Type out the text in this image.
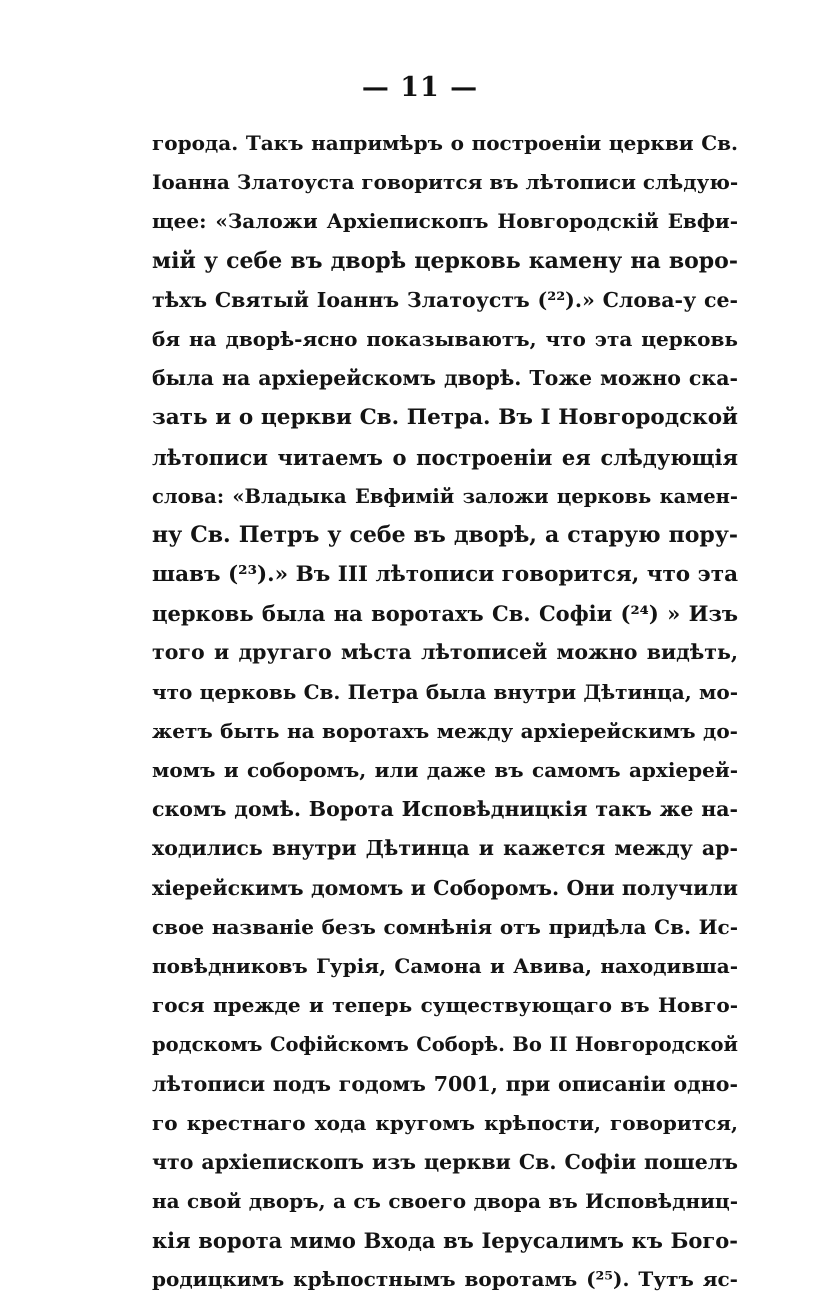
— 11 —
города. Такъ напримѣръ о построеніи церкви Св.
Іоанна Златоуста говорится въ лѣтописи слѣдую-
щее: «Заложи Архіепископъ Новгородскій Евфи-
мій у себе въ дворѣ церковь камену на воро-
тѣхъ Святый Іоаннъ Златоустъ (²²).» Слова-у се-
бя на дворѣ-ясно показываютъ, что эта церковь
была на архіерейскомъ дворѣ. Тоже можно ска-
зать и о церкви Св. Петра. Въ I Новгородской
лѣтописи читаемъ о построеніи ея слѣдующія
слова: «Владыка Евфимій заложи церковь камен-
ну Св. Петръ у себе въ дворѣ, а старую пору-
шавъ (²³).» Въ III лѣтописи говорится, что эта
церковь была на воротахъ Св. Софіи (²⁴) » Изъ
того и другаго мѣста лѣтописей можно видѣть,
что церковь Св. Петра была внутри Дѣтинца, мо-
жетъ быть на воротахъ между архіерейскимъ до-
момъ и соборомъ, или даже въ самомъ архіерей-
скомъ домѣ. Ворота Исповѣдницкія такъ же на-
ходились внутри Дѣтинца и кажется между ар-
хіерейскимъ домомъ и Соборомъ. Они получили
свое названіе безъ сомнѣнія отъ придѣла Св. Ис-
повѣдниковъ Гурія, Самона и Авива, находивша-
гося прежде и теперь существующаго въ Новго-
родскомъ Софійскомъ Соборѣ. Во II Новгородской
лѣтописи подъ годомъ 7001, при описаніи одно-
го крестнаго хода кругомъ крѣпости, говорится,
что архіепископъ изъ церкви Св. Софіи пошелъ
на свой дворъ, а съ своего двора въ Исповѣдниц-
кія ворота мимо Входа въ Іерусалимъ къ Бого-
родицкимъ крѣпостнымъ воротамъ (²⁵). Тутъ яс-
